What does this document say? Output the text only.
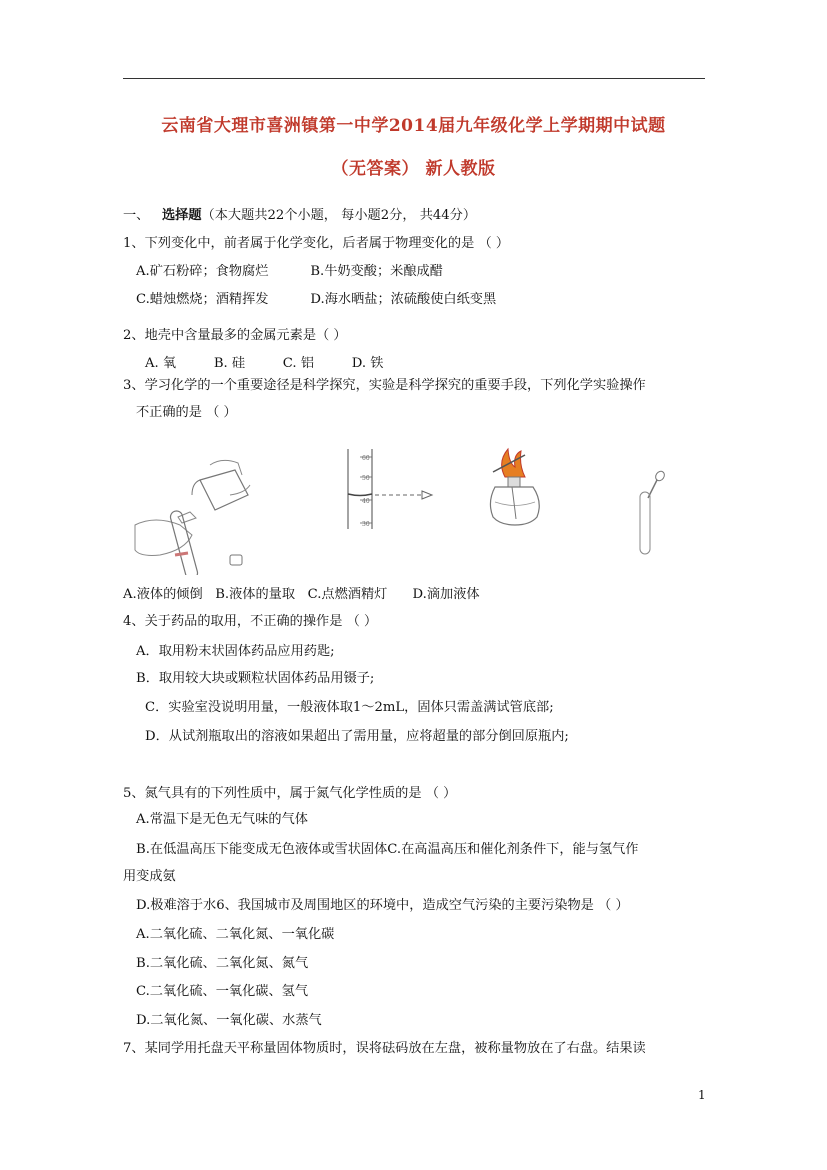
云南省大理市喜洲镇第一中学2014届九年级化学上学期期中试题
（无答案） 新人教版
一、 选择题（本大题共22个小题， 每小题2分， 共44分）
1、下列变化中，前者属于化学变化，后者属于物理变化的是 （ ）
A.矿石粉碎；食物腐烂          B.牛奶变酸；米酿成醋
C.蜡烛燃烧；酒精挥发          D.海水晒盐；浓硫酸使白纸变黑
2、地壳中含量最多的金属元素是（ ）
A. 氧         B. 硅         C. 铝         D. 铁
3、学习化学的一个重要途径是科学探究，实验是科学探究的重要手段，下列化学实验操作
不正确的是 （ ）
60
50
40
30
A.液体的倾倒   B.液体的量取   C.点燃酒精灯      D.滴加液体
4、关于药品的取用，不正确的操作是 （ ）
A．取用粉末状固体药品应用药匙;
B．取用较大块或颗粒状固体药品用镊子;
C．实验室没说明用量，一般液体取1～2mL，固体只需盖满试管底部;
D．从试剂瓶取出的溶液如果超出了需用量，应将超量的部分倒回原瓶内;
5、氮气具有的下列性质中，属于氮气化学性质的是 （ ）
A.常温下是无色无气味的气体
B.在低温高压下能变成无色液体或雪状固体C.在高温高压和催化剂条件下，能与氢气作
用变成氨
D.极难溶于水6、我国城市及周围地区的环境中，造成空气污染的主要污染物是 （ ）
A.二氧化硫、二氧化氮、一氧化碳
B.二氧化硫、二氧化氮、氮气
C.二氧化硫、一氧化碳、氢气
D.二氧化氮、一氧化碳、水蒸气
7、某同学用托盘天平称量固体物质时，误将砝码放在左盘，被称量物放在了右盘。结果读
1
